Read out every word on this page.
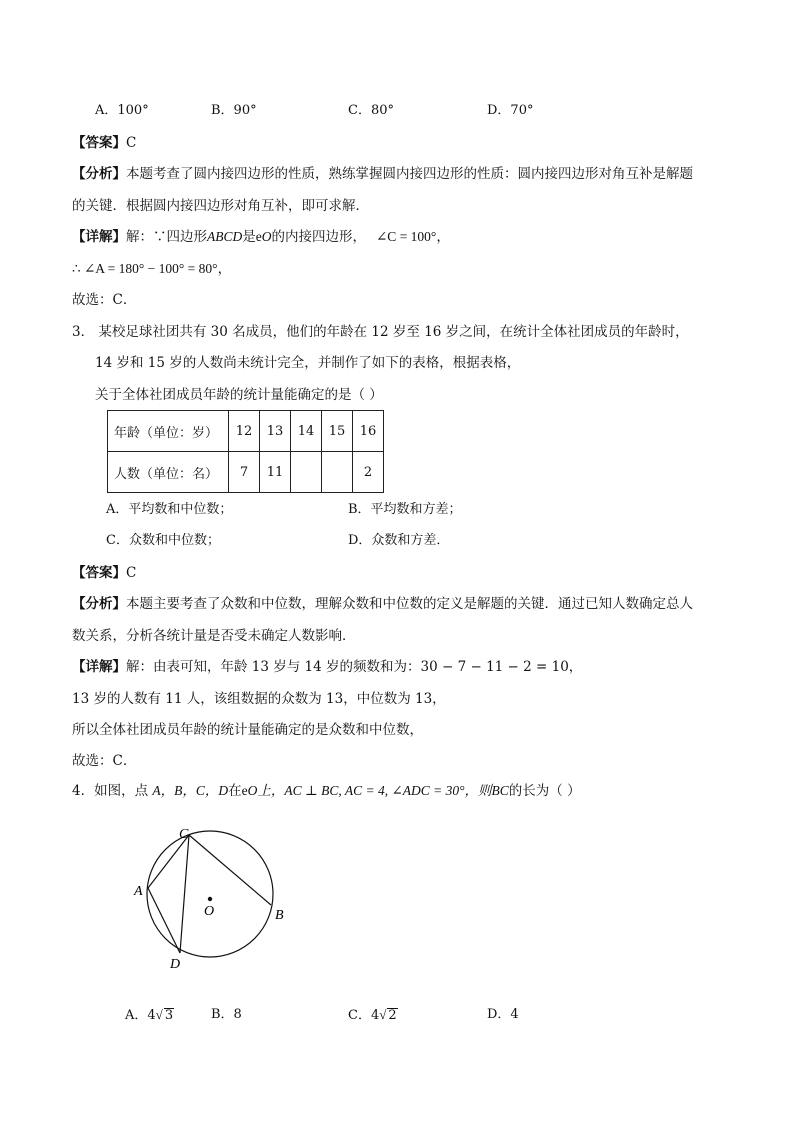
A．100°	B．90°	C．80°	D．70°
【答案】C
【分析】本题考查了圆内接四边形的性质，熟练掌握圆内接四边形的性质：圆内接四边形对角互补是解题
的关键．根据圆内接四边形对角互补，即可求解．
【详解】解：∵四边形ABCD是eO的内接四边形， ∠C = 100°，
∴ ∠A = 180° − 100° = 80°，
故选：C．
3． 某校足球社团共有 30 名成员，他们的年龄在 12 岁至 16 岁之间，在统计全体社团成员的年龄时，
14 岁和 15 岁的人数尚未统计完全，并制作了如下的表格，根据表格，
关于全体社团成员年龄的统计量能确定的是（ ）
年龄（单位：岁）	12	13	14	15	16
人数（单位：名）	7	11			2
A．平均数和中位数；	B．平均数和方差；
C．众数和中位数；	D．众数和方差．
【答案】C
【分析】本题主要考查了众数和中位数，理解众数和中位数的定义是解题的关键．通过已知人数确定总人
数关系，分析各统计量是否受未确定人数影响．
【详解】解：由表可知，年龄 13 岁与 14 岁的频数和为：30 − 7 − 11 − 2 = 10，
13 岁的人数有 11 人，该组数据的众数为 13，中位数为 13，
所以全体社团成员年龄的统计量能确定的是众数和中位数，
故选：C．
4．如图，点 A，B，C，D在eO上，AC ⊥ BC, AC = 4, ∠ADC = 30°，则BC的长为（ ）
C
A
O	B
D
A．4√ 3	B．8	C．4√ 2	D．4
